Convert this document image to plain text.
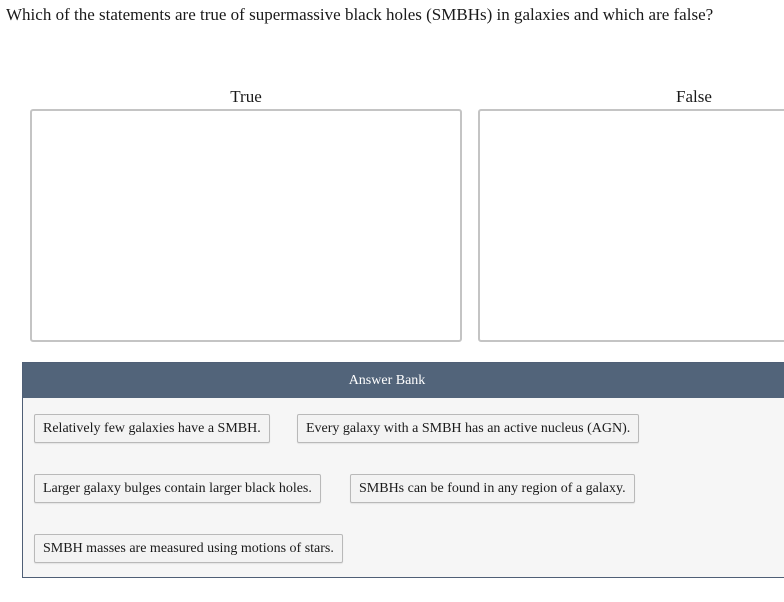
Which of the statements are true of supermassive black holes (SMBHs) in galaxies and which are false?
True	False
Answer Bank
Relatively few galaxies have a SMBH.	Every galaxy with a SMBH has an active nucleus (AGN).
Larger galaxy bulges contain larger black holes.	SMBHs can be found in any region of a galaxy.
SMBH masses are measured using motions of stars.
